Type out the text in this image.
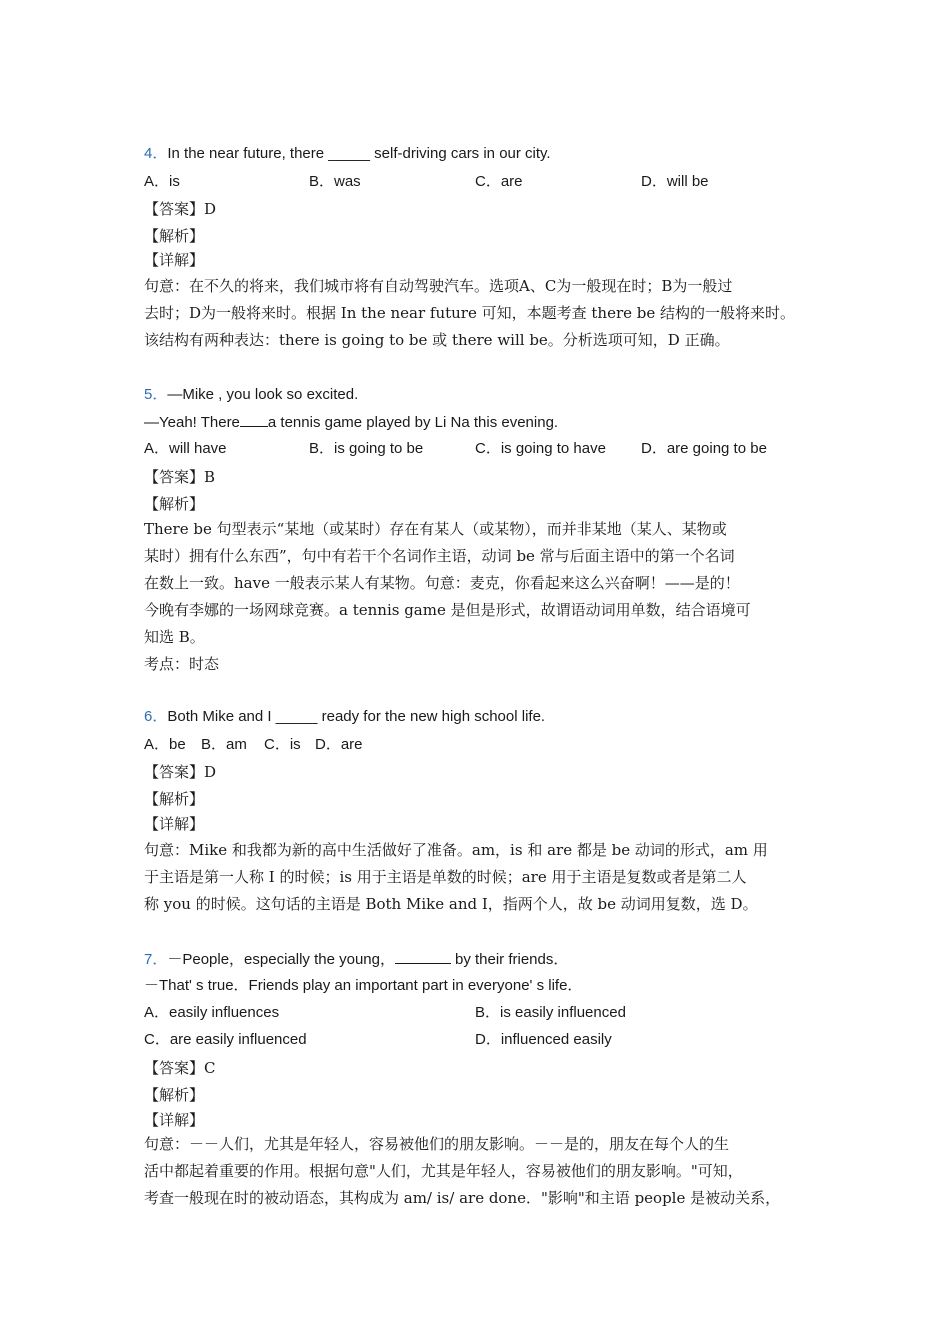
4．In the near future, there _____ self-driving cars in our city.
A．is	B．was	C．are	D．will be
【答案】D
【解析】
【详解】
句意：在不久的将来，我们城市将有自动驾驶汽车。选项A、C为一般现在时；B为一般过
去时；D为一般将来时。根据 In the near future 可知，本题考查 there be 结构的一般将来时。
该结构有两种表达：there is going to be 或 there will be。分析选项可知，D 正确。
5．—Mike , you look so excited.
—Yeah! There a tennis game played by Li Na this evening.
A．will have	B．is going to be	C．is going to have D．are going to be
【答案】B
【解析】
There be 句型表示“某地（或某时）存在有某人（或某物），而并非某地（某人、某物或
某时）拥有什么东西”，句中有若干个名词作主语，动词 be 常与后面主语中的第一个名词
在数上一致。have 一般表示某人有某物。句意：麦克，你看起来这么兴奋啊！——是的！
今晚有李娜的一场网球竞赛。a tennis game 是但是形式，故谓语动词用单数，结合语境可
知选 B。
考点：时态
6．Both Mike and I _____ ready for the new high school life.
A．be B．am C．is D．are
【答案】D
【解析】
【详解】
句意：Mike 和我都为新的高中生活做好了准备。am，is 和 are 都是 be 动词的形式，am 用
于主语是第一人称 I 的时候；is 用于主语是单数的时候；are 用于主语是复数或者是第二人
称 you 的时候。这句话的主语是 Both Mike and I，指两个人，故 be 动词用复数，选 D。
7．－People，especially the young，	by their friends．
－That' s true．Friends play an important part in everyone' s life．
A．easily influences	B．is easily influenced
C．are easily influenced	D．influenced easily
【答案】C
【解析】
【详解】
句意：－－人们，尤其是年轻人，容易被他们的朋友影响。－－是的，朋友在每个人的生
活中都起着重要的作用。根据句意"人们，尤其是年轻人，容易被他们的朋友影响。"可知，
考查一般现在时的被动语态，其构成为 am/ is/ are done．"影响"和主语 people 是被动关系，
